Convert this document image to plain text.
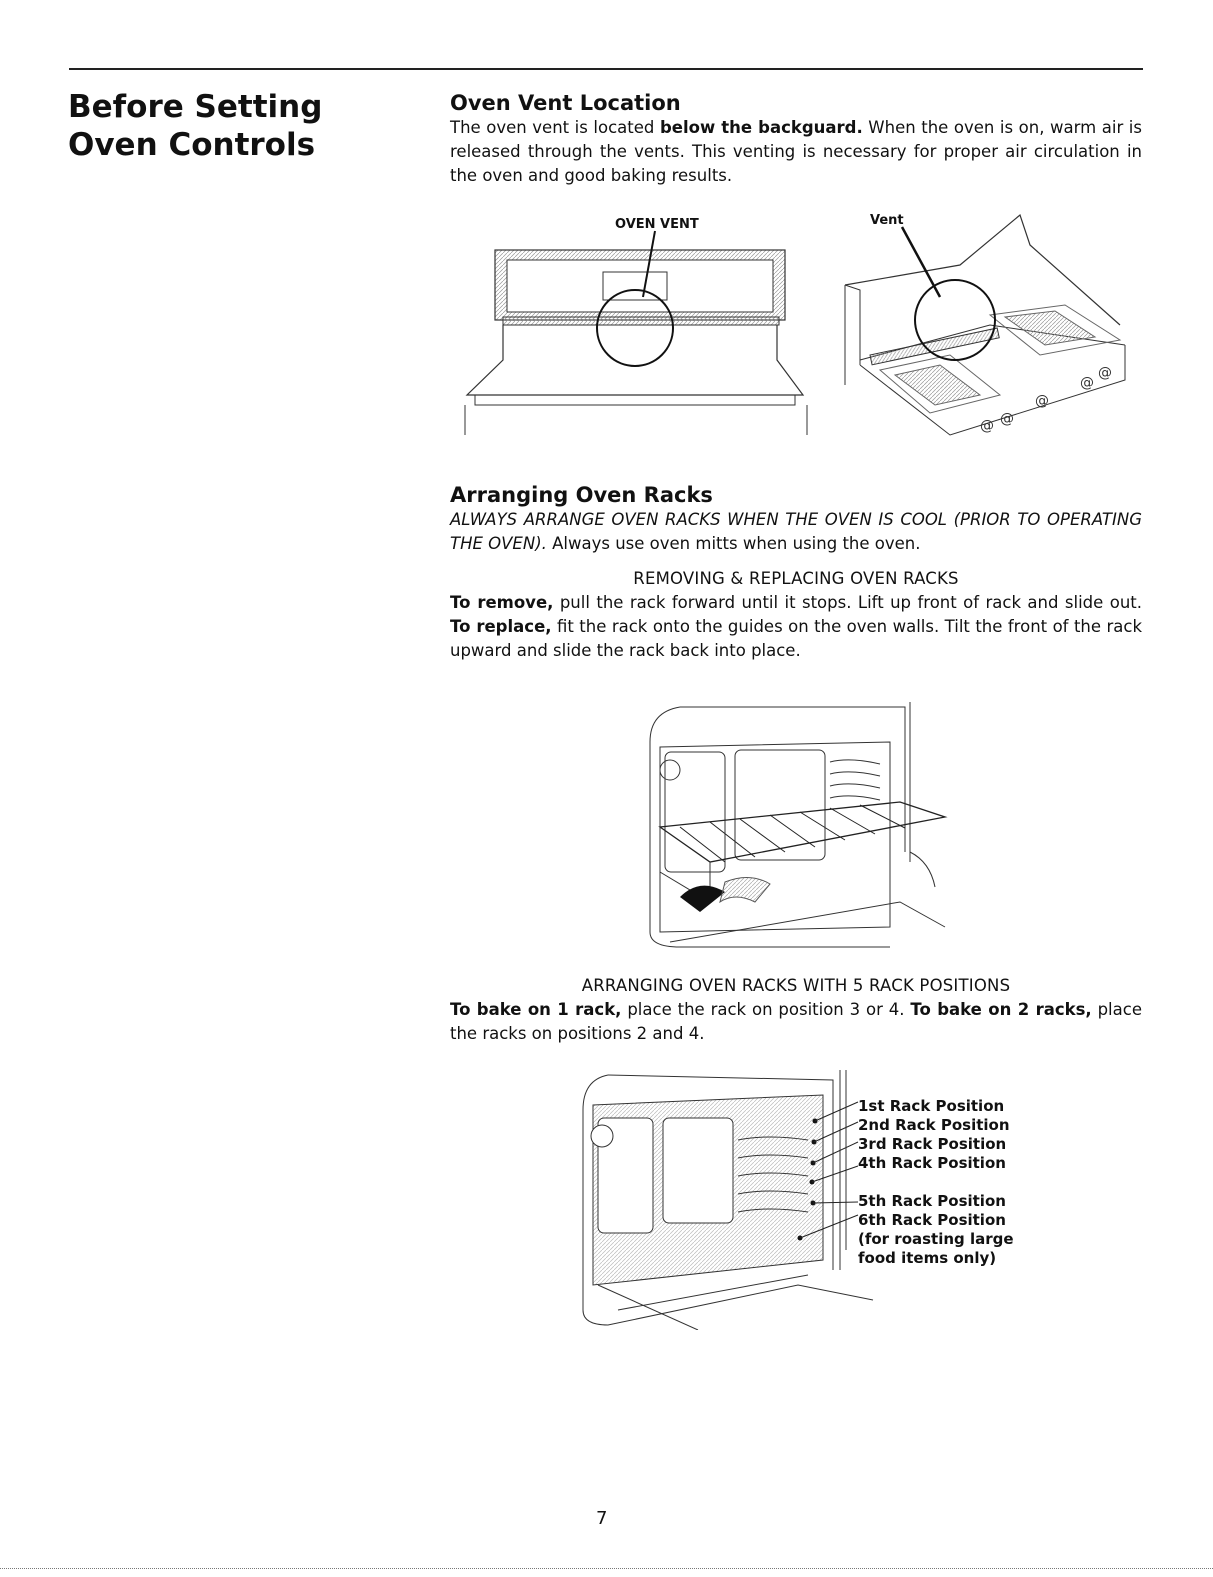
Before Setting Oven Controls
Oven Vent Location

The oven vent is located below the backguard. When the oven is on, warm air is released through the vents. This venting is necessary for proper air circulation in the oven and good baking results.

OVEN VENT
@ @
@
@
@
Vent
Arranging Oven Racks

ALWAYS ARRANGE OVEN RACKS WHEN THE OVEN IS COOL (PRIOR TO OPERATING THE OVEN). Always use oven mitts when using the oven.

REMOVING & REPLACING OVEN RACKS

To remove, pull the rack forward until it stops. Lift up front of rack and slide out. To replace, fit the rack onto the guides on the oven walls. Tilt the front of the rack upward and slide the rack back into place.

ARRANGING OVEN RACKS WITH 5 RACK POSITIONS

To bake on 1 rack, place the rack on position 3 or 4. To bake on 2 racks, place the racks on positions 2 and 4.

1st Rack Position
2nd Rack Position
3rd Rack Position
4th Rack Position
5th Rack Position
6th Rack Position
(for roasting large
food items only)
7
